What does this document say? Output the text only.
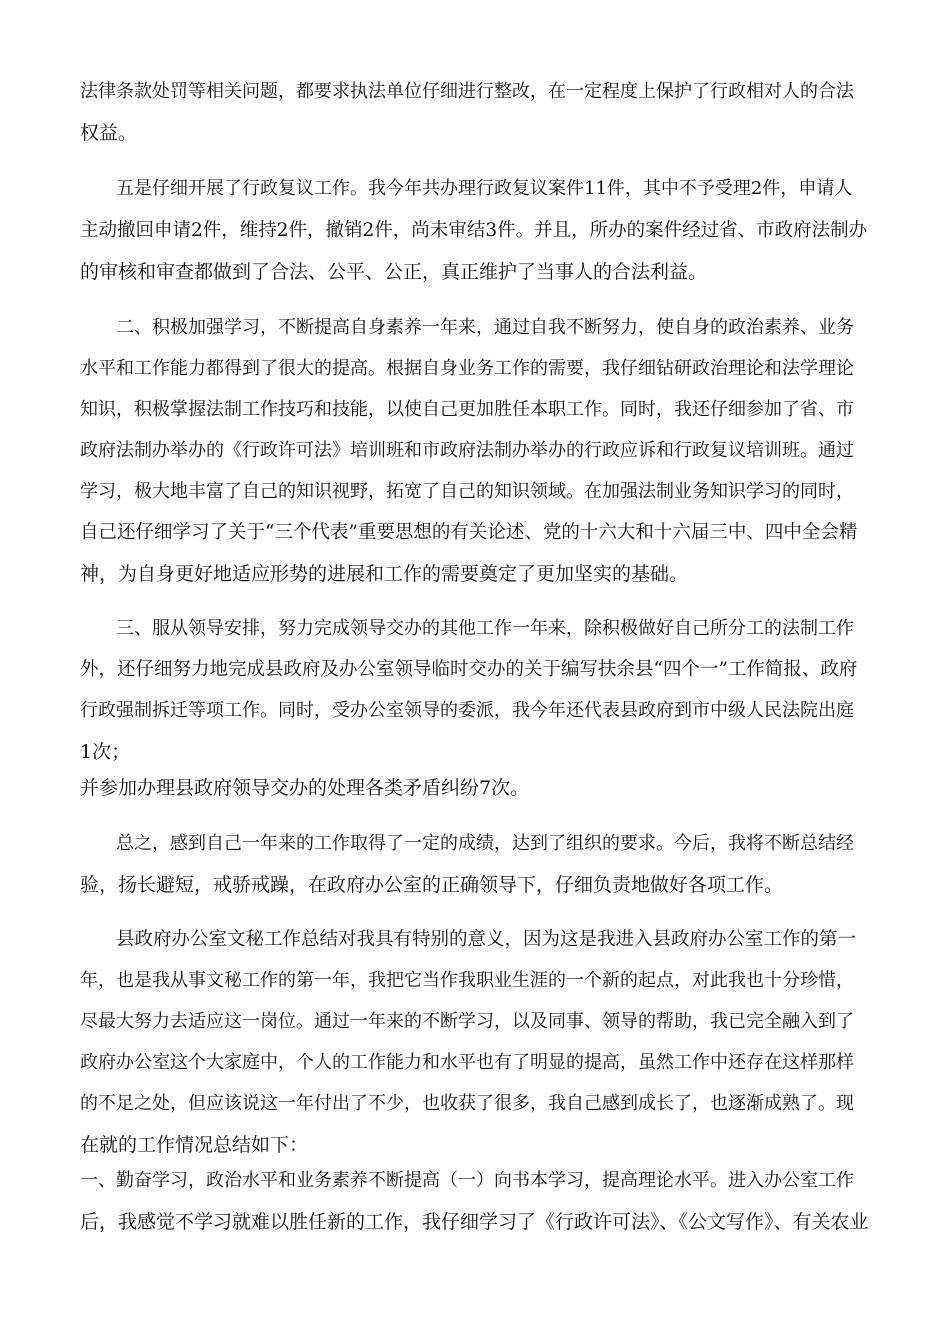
法律条款处罚等相关问题，都要求执法单位仔细进行整改，在一定程度上保护了行政相对人的合法
权益。
五是仔细开展了行政复议工作。我今年共办理行政复议案件11件，其中不予受理2件，申请人
主动撤回申请2件，维持2件，撤销2件，尚未审结3件。并且，所办的案件经过省、市政府法制办
的审核和审查都做到了合法、公平、公正，真正维护了当事人的合法利益。
二、积极加强学习，不断提高自身素养一年来，通过自我不断努力，使自身的政治素养、业务
水平和工作能力都得到了很大的提高。根据自身业务工作的需要，我仔细钻研政治理论和法学理论
知识，积极掌握法制工作技巧和技能，以使自己更加胜任本职工作。同时，我还仔细参加了省、市
政府法制办举办的《行政许可法》培训班和市政府法制办举办的行政应诉和行政复议培训班。通过
学习，极大地丰富了自己的知识视野，拓宽了自己的知识领域。在加强法制业务知识学习的同时，
自己还仔细学习了关于“三个代表”重要思想的有关论述、党的十六大和十六届三中、四中全会精
神，为自身更好地适应形势的进展和工作的需要奠定了更加坚实的基础。
三、服从领导安排，努力完成领导交办的其他工作一年来，除积极做好自己所分工的法制工作
外，还仔细努力地完成县政府及办公室领导临时交办的关于编写扶余县“四个一”工作简报、政府
行政强制拆迁等项工作。同时，受办公室领导的委派，我今年还代表县政府到市中级人民法院出庭
1次；
并参加办理县政府领导交办的处理各类矛盾纠纷7次。
总之，感到自己一年来的工作取得了一定的成绩，达到了组织的要求。今后，我将不断总结经
验，扬长避短，戒骄戒躁，在政府办公室的正确领导下，仔细负责地做好各项工作。
县政府办公室文秘工作总结对我具有特别的意义，因为这是我进入县政府办公室工作的第一
年，也是我从事文秘工作的第一年，我把它当作我职业生涯的一个新的起点，对此我也十分珍惜，
尽最大努力去适应这一岗位。通过一年来的不断学习，以及同事、领导的帮助，我已完全融入到了
政府办公室这个大家庭中，个人的工作能力和水平也有了明显的提高，虽然工作中还存在这样那样
的不足之处，但应该说这一年付出了不少，也收获了很多，我自己感到成长了，也逐渐成熟了。现
在就的工作情况总结如下：
一、勤奋学习，政治水平和业务素养不断提高（一）向书本学习，提高理论水平。进入办公室工作
后，我感觉不学习就难以胜任新的工作，我仔细学习了《行政许可法》、《公文写作》、有关农业
